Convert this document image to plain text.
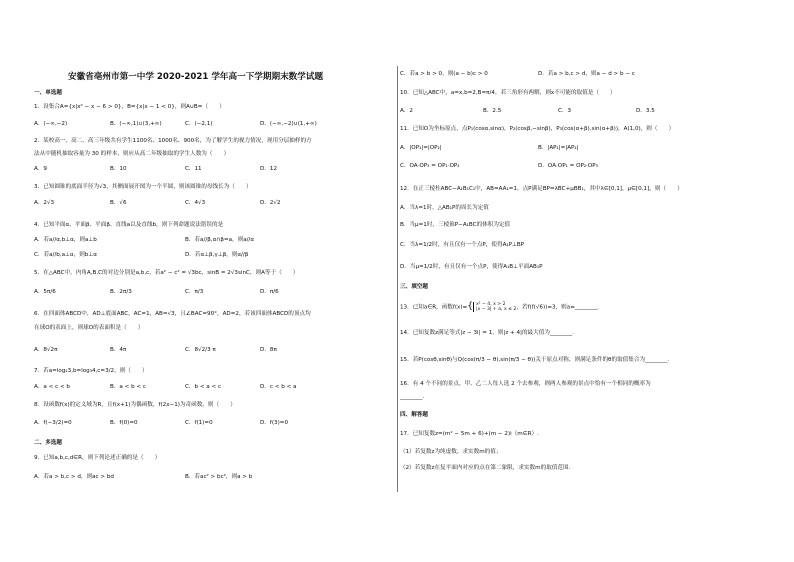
安徽省亳州市第一中学 2020-2021 学年高一下学期期末数学试题
一、单选题
1．设集合A={x|x² − x − 6 > 0}，B={x|x − 1 < 0}，则A∪B=（　　）
A．(−∞,−2)	B．(−∞,1)∪(3,+∞)	C．(−2,1)	D．(−∞,−2)∪(1,+∞)
2．某校高一、高二、高三年级共有学生1100名、1000名、900名，为了解学生的视力情况，现用分层抽样的方
法从中随机抽取容量为 30 的样本，则应从高二年级抽取的学生人数为（　　）
A．9	B．10	C．11	D．12
3．已知圆锥的底面半径为√3，其侧面展开图为一个半圆，则该圆锥的母线长为（　　）
A．2√3	B．√6	C．4√3	D．2√2
4．已知平面α、平面β、平面β、直线a以及直线b，则下列命题说法错误的是
A．若a//α,b⊥α，则a⊥b	B．若a//β,α∩β=a，则a//α
C．若a//b,a⊥α，则b⊥α	D．若α⊥β,γ⊥β，则α//β
5．在△ABC中，内角A,B,C的对边分别是a,b,c，若a² − c² = √3bc，sinB = 2√3sinC，则A等于（　　）
A．5π/6	B．2π/3	C．π/3	D．π/6
6．在四面体ABCD中，AD⊥底面ABC，AC=1，AB=√3，且∠BAC=90°，AD=2，若该四面体ABCD的顶点均
在球O的表面上，则球O的表面积是（　　）
A．8√2π	B．4π	C．8√2/3 π	D．8π
7．若a=log₂3,b=log₃4,c=3/2，则（　　）
A．a < c < b	B．a < b < c	C．b < a < c	D．c < b < a
8．设函数f(x)的定义域为R，且f(x+1)为偶函数，f(2x−1)为奇函数，则（　　）
A．f(−3/2)=0	B．f(0)=0	C．f(1)=0	D．f(3)=0
二、多选题
9．已知a,b,c,d∈R，则下列论述正确的是（　　）
A．若a > b,c > d，则ac > bd	B．若ac² > bc²，则a > b
C．若a > b > 0，则(a − b)c > 0	D．若a > b,c > d，则a − d > b − c
10．已知△ABC中，a=x,b=2,B=π/4，若三角形有两解，则x不可能的取值是（　　）
A．2	B．2.5	C．3	D．3.5
11．已知O为坐标原点，点P₁(cosα,sinα)，P₂(cosβ,−sinβ)，P₃(cos(α+β),sin(α+β))，A(1,0)，则（　　）
A．|OP₁|=|OP₂|	B．|AP₁|=|AP₂|
C．OA·OP₃ = OP₁·OP₂	D．OA·OP₁ = OP₂·OP₃
12．在正三棱柱ABC−A₁B₁C₁中，AB=AA₁=1，点P满足BP=λBC+μBB₁，其中λ∈[0,1]，μ∈[0,1]，则（　　）
A．当λ=1时，△AB₁P的周长为定值
B．当μ=1时，三棱锥P−A₁BC的体积为定值
C．当λ=1/2时，有且仅有一个点P，使得A₁P⊥BP
D．当μ=1/2时，有且仅有一个点P，使得A₁B⊥平面AB₁P
三、填空题
13．已知a∈R，函数f(x)={ x² − 4, x > 2
|x − 3| + a, x ≤ 2 ，若f(f(√6))=3，则a=________.
14．已知复数z满足等式|z − 3i| = 1，则|z + 4|的最大值为________.
15．若P(cosθ,sinθ)与Q(cos(π/3 − θ),sin(π/3 − θ))关于原点对称，则满足条件的θ的取值集合为________.
16．有 4 个不同的景点，甲、乙二人每人选 2 个去参观，则两人参观的景点中恰有一个相同的概率为
________.
四、解答题
17．已知复数z=(m² − 5m + 6)+(m − 2)i（m∈R）.
（1）若复数z为纯虚数，求实数m的值；
（2）若复数z在复平面内对应的点在第二象限，求实数m的取值范围.
